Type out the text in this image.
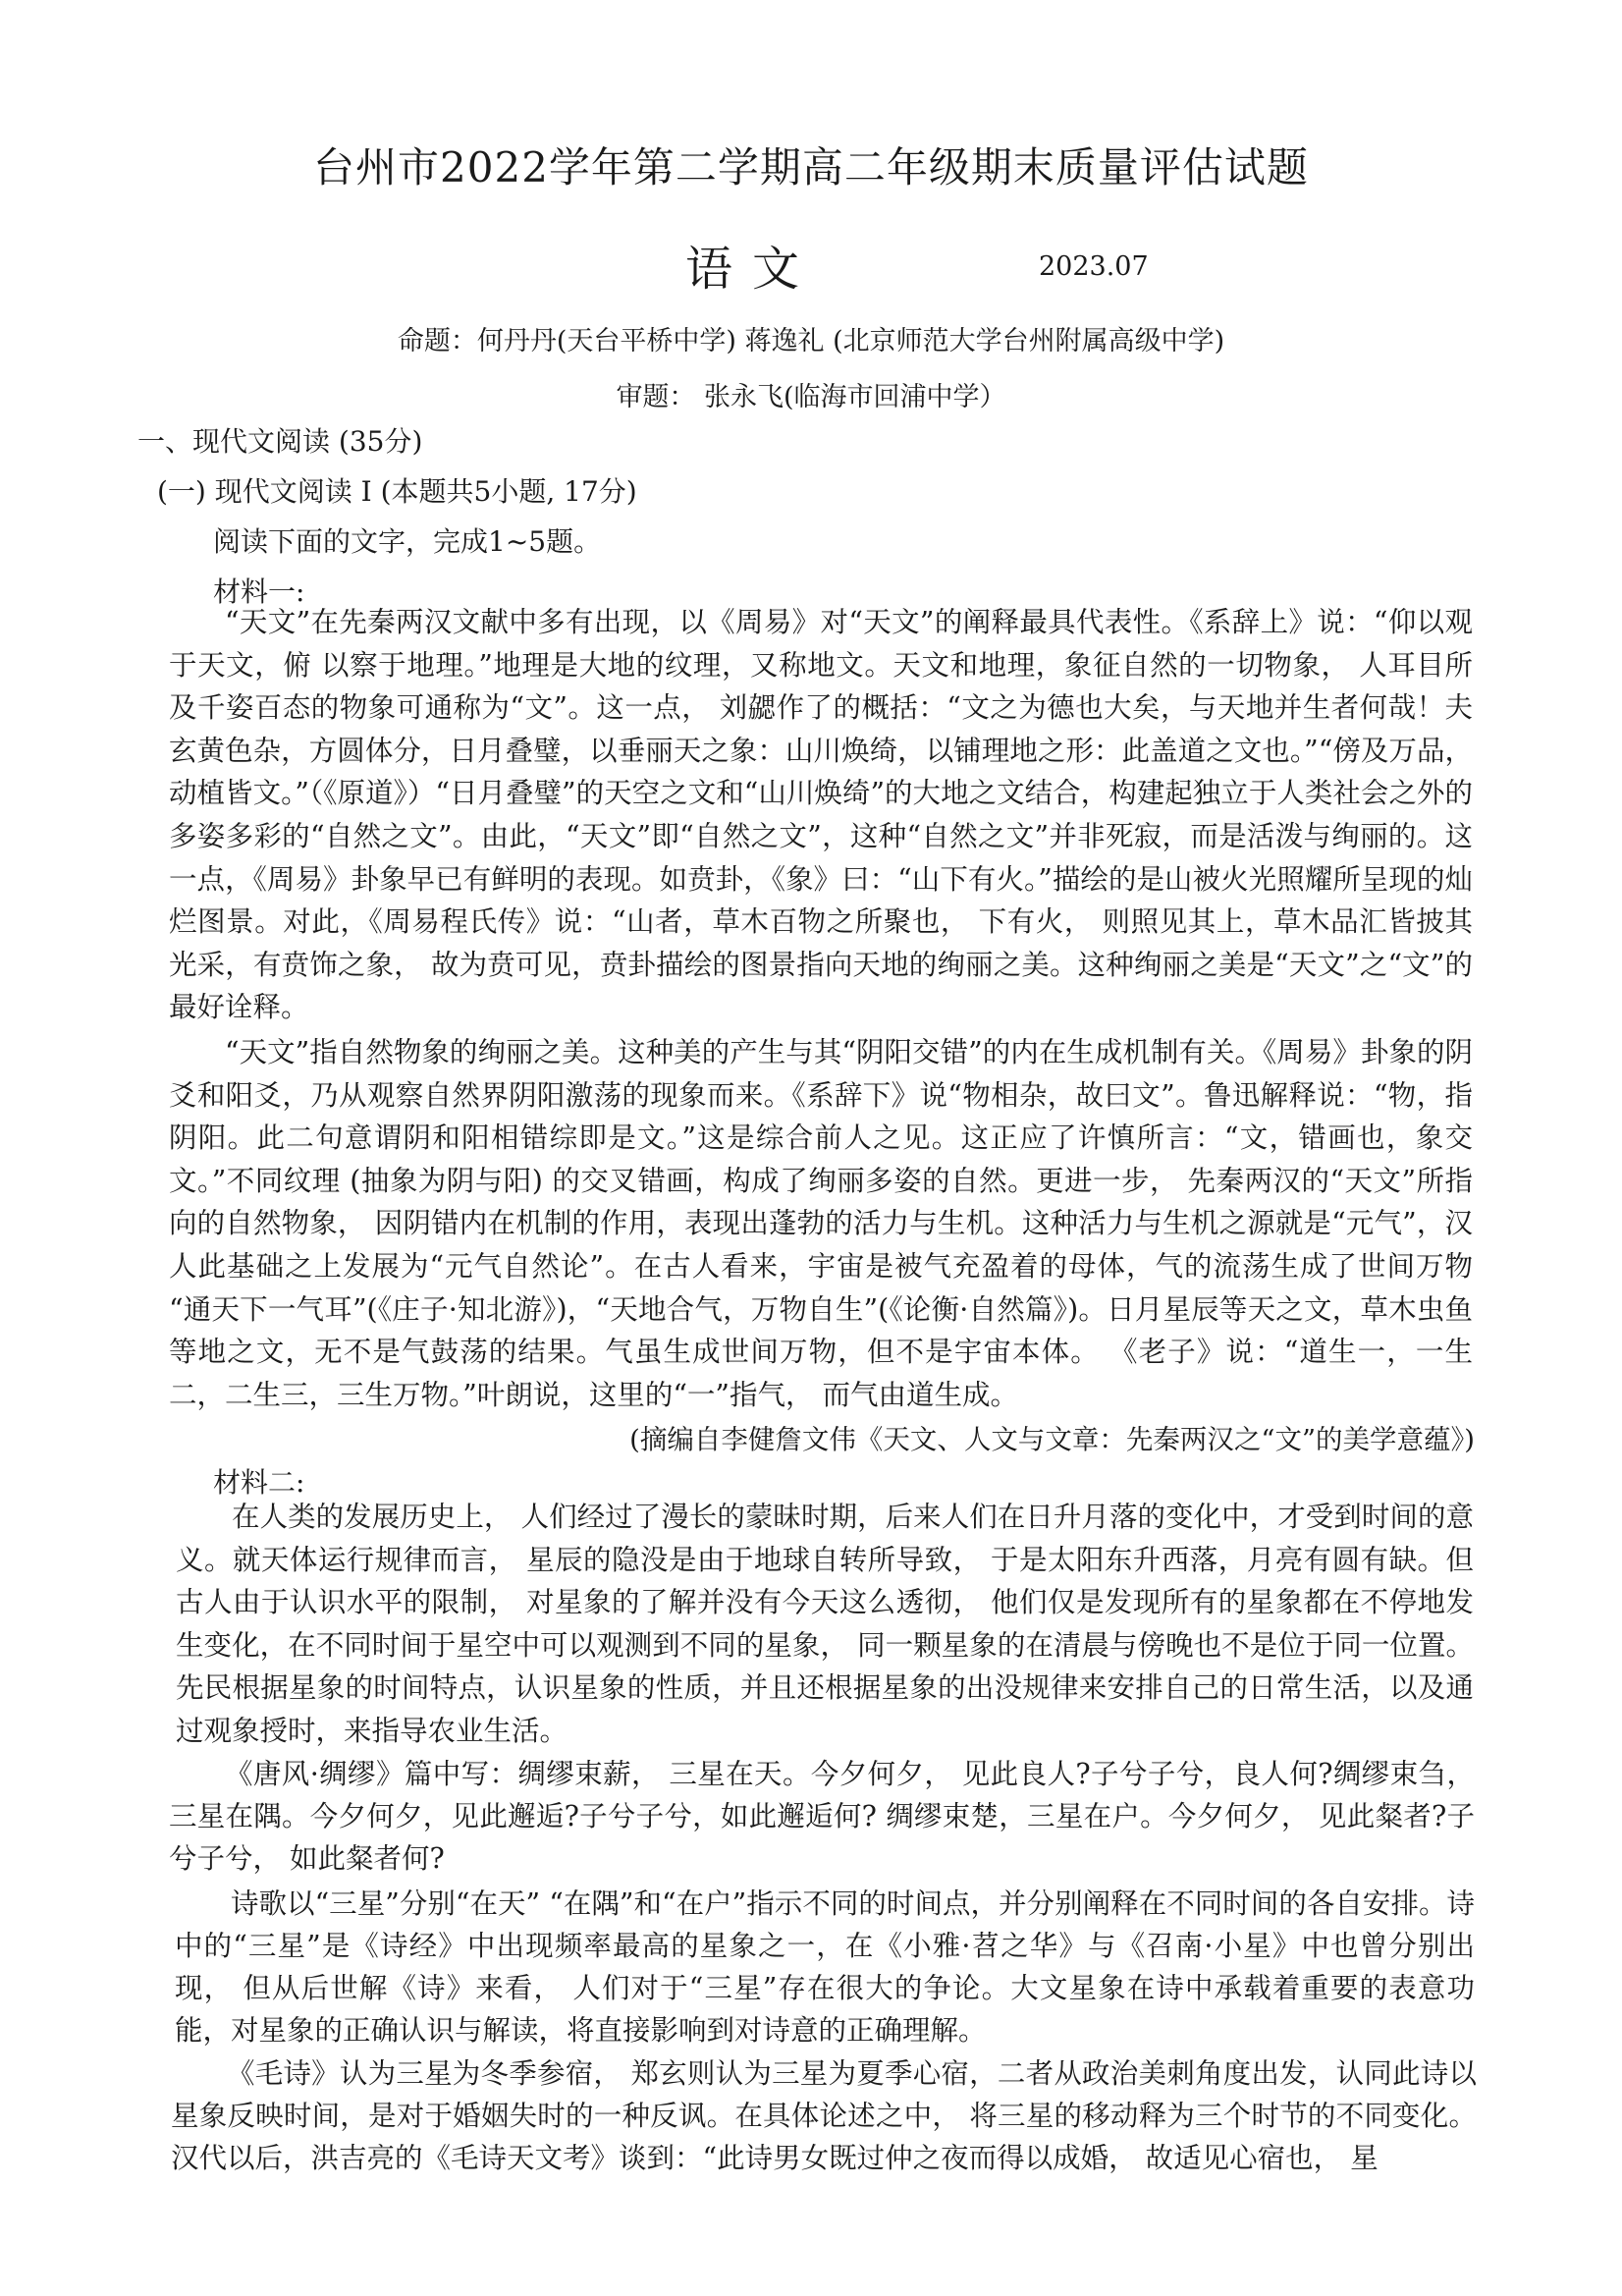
台州市2022学年第二学期高二年级期末质量评估试题
语文	2023.07
命题：何丹丹(天台平桥中学) 蒋逸礼 (北京师范大学台州附属高级中学)
审题： 张永飞(临海市回浦中学）
一、现代文阅读 (35分)
(一) 现代文阅读 I (本题共5小题, 17分)
阅读下面的文字，完成1~5题。
材料一:
“天文”在先秦两汉文献中多有出现，以《周易》对“天文”的阐释最具代表性。《系辞上》说：“仰以观于天文，俯 以察于地理。”地理是大地的纹理，又称地文。天文和地理，象征自然的一切物象， 人耳目所及千姿百态的物象可通称为“文”。这一点， 刘勰作了的概括：“文之为德也大矣，与天地并生者何哉！夫玄黄色杂，方圆体分，日月叠璧，以垂丽天之象：山川焕绮，以铺理地之形：此盖道之文也。”“傍及万品，动植皆文。”（《原道》）“日月叠璧”的天空之文和“山川焕绮”的大地之文结合，构建起独立于人类社会之外的多姿多彩的“自然之文”。由此，“天文”即“自然之文”，这种“自然之文”并非死寂，而是活泼与绚丽的。这一点，《周易》卦象早已有鲜明的表现。如贲卦，《象》曰：“山下有火。”描绘的是山被火光照耀所呈现的灿烂图景。对此，《周易程氏传》说：“山者，草木百物之所聚也， 下有火， 则照见其上，草木品汇皆披其光采，有贲饰之象， 故为贲可见，贲卦描绘的图景指向天地的绚丽之美。这种绚丽之美是“天文”之“文”的最好诠释。
“天文”指自然物象的绚丽之美。这种美的产生与其“阴阳交错”的内在生成机制有关。《周易》卦象的阴爻和阳爻，乃从观察自然界阴阳激荡的现象而来。《系辞下》说“物相杂，故曰文”。鲁迅解释说：“物，指阴阳。此二句意谓阴和阳相错综即是文。”这是综合前人之见。这正应了许慎所言：“文，错画也，象交文。”不同纹理 (抽象为阴与阳) 的交叉错画，构成了绚丽多姿的自然。更进一步， 先秦两汉的“天文”所指向的自然物象， 因阴错内在机制的作用，表现出蓬勃的活力与生机。这种活力与生机之源就是“元气”，汉人此基础之上发展为“元气自然论”。在古人看来，宇宙是被气充盈着的母体，气的流荡生成了世间万物 “通天下一气耳”(《庄子·知北游》)，“天地合气，万物自生”(《论衡·自然篇》)。日月星辰等天之文，草木虫鱼等地之文，无不是气鼓荡的结果。气虽生成世间万物，但不是宇宙本体。 《老子》说：“道生一，一生二，二生三，三生万物。”叶朗说，这里的“一”指气， 而气由道生成。
(摘编自李健詹文伟《天文、人文与文章：先秦两汉之“文”的美学意蕴》)
材料二:
在人类的发展历史上， 人们经过了漫长的蒙昧时期，后来人们在日升月落的变化中，才受到时间的意义。就天体运行规律而言， 星辰的隐没是由于地球自转所导致， 于是太阳东升西落，月亮有圆有缺。但古人由于认识水平的限制， 对星象的了解并没有今天这么透彻， 他们仅是发现所有的星象都在不停地发生变化，在不同时间于星空中可以观测到不同的星象， 同一颗星象的在清晨与傍晚也不是位于同一位置。先民根据星象的时间特点，认识星象的性质，并且还根据星象的出没规律来安排自己的日常生活，以及通过观象授时，来指导农业生活。
《唐风·绸缪》篇中写：绸缪束薪， 三星在天。今夕何夕， 见此良人?子兮子兮，良人何?绸缪束刍，三星在隅。今夕何夕，见此邂逅?子兮子兮，如此邂逅何? 绸缪束楚，三星在户。今夕何夕， 见此粲者?子兮子兮， 如此粲者何?
诗歌以“三星”分别“在天” “在隅”和“在户”指示不同的时间点，并分别阐释在不同时间的各自安排。诗中的“三星”是《诗经》中出现频率最高的星象之一，在《小雅·苕之华》与《召南·小星》中也曾分别出现， 但从后世解《诗》来看， 人们对于“三星”存在很大的争论。大文星象在诗中承载着重要的表意功能，对星象的正确认识与解读，将直接影响到对诗意的正确理解。
《毛诗》认为三星为冬季参宿， 郑玄则认为三星为夏季心宿，二者从政治美刺角度出发，认同此诗以星象反映时间，是对于婚姻失时的一种反讽。在具体论述之中， 将三星的移动释为三个时节的不同变化。汉代以后，洪吉亮的《毛诗天文考》谈到：“此诗男女既过仲之夜而得以成婚， 故适见心宿也， 星
